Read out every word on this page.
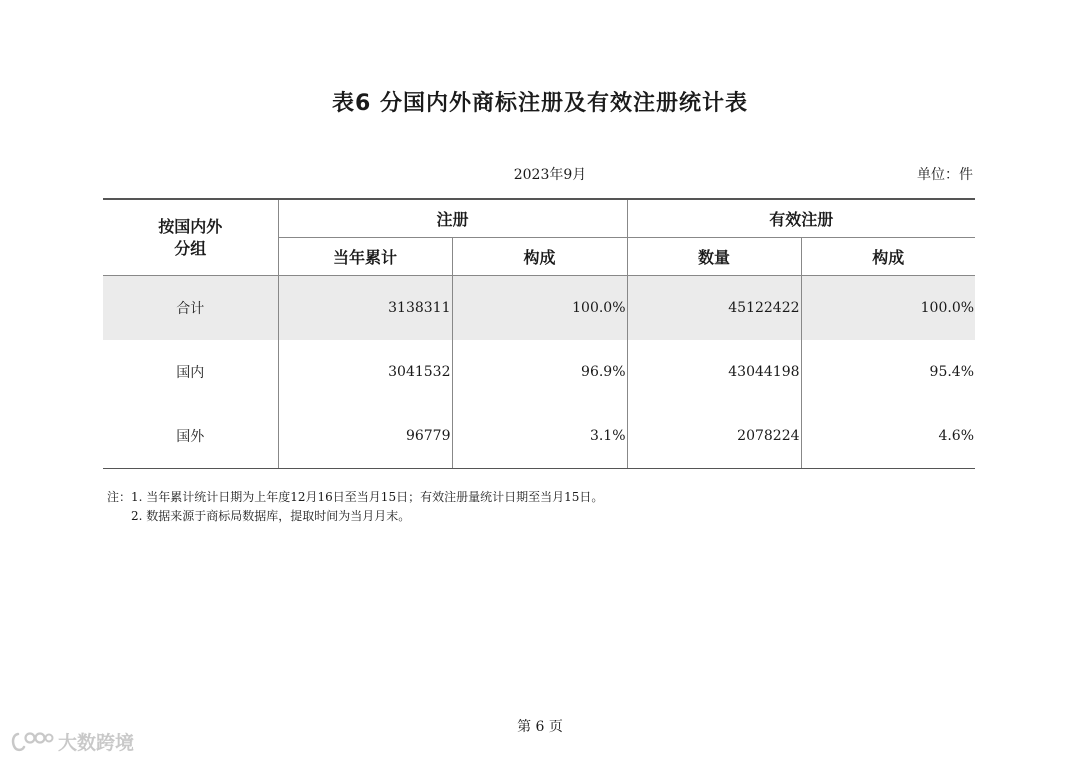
表6 分国内外商标注册及有效注册统计表
2023年9月	单位：件
按国内外
分组	注册		有效注册	
	当年累计	构成	数量	构成
合计	3138311	100.0%	45122422	100.0%
国内	3041532	96.9%	43044198	95.4%
国外	96779	3.1%	2078224	4.6%
注：1. 当年累计统计日期为上年度12月16日至当月15日；有效注册量统计日期至当月15日。
2. 数据来源于商标局数据库，提取时间为当月月末。
第 6 页
大数跨境
